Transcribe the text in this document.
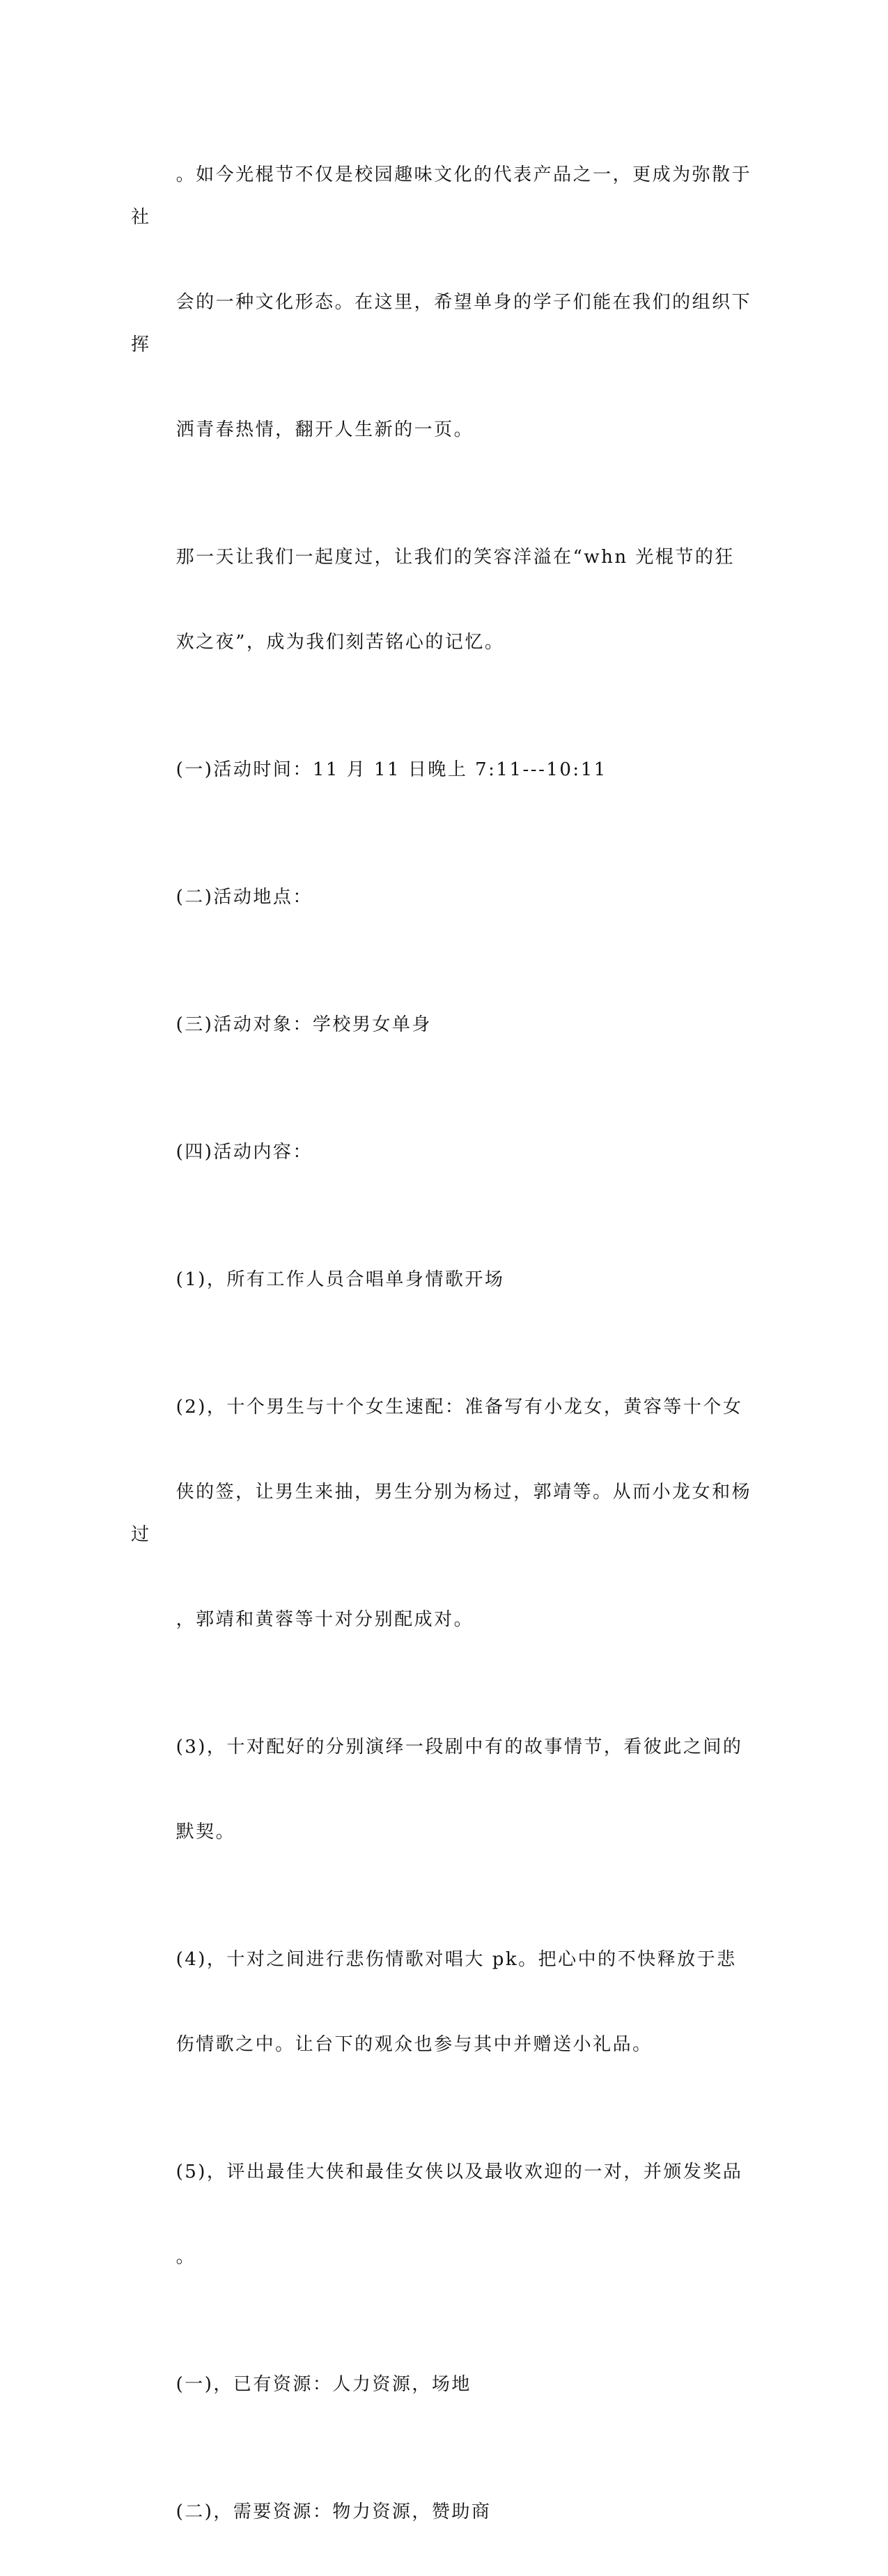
。如今光棍节不仅是校园趣味文化的代表产品之一，更成为弥散于社

会的一种文化形态。在这里，希望单身的学子们能在我们的组织下挥

洒青春热情，翻开人生新的一页。

那一天让我们一起度过，让我们的笑容洋溢在“whn 光棍节的狂

欢之夜”，成为我们刻苦铭心的记忆。

(一)活动时间：11 月 11 日晚上 7:11---10:11

(二)活动地点：

(三)活动对象：学校男女单身

(四)活动内容：

(1)，所有工作人员合唱单身情歌开场

(2)，十个男生与十个女生速配：准备写有小龙女，黄容等十个女

侠的签，让男生来抽，男生分别为杨过，郭靖等。从而小龙女和杨过

，郭靖和黄蓉等十对分别配成对。

(3)，十对配好的分别演绎一段剧中有的故事情节，看彼此之间的

默契。

(4)，十对之间进行悲伤情歌对唱大 pk。把心中的不快释放于悲

伤情歌之中。让台下的观众也参与其中并赠送小礼品。

(5)，评出最佳大侠和最佳女侠以及最收欢迎的一对，并颁发奖品

。

(一)，已有资源：人力资源，场地

(二)，需要资源：物力资源，赞助商
